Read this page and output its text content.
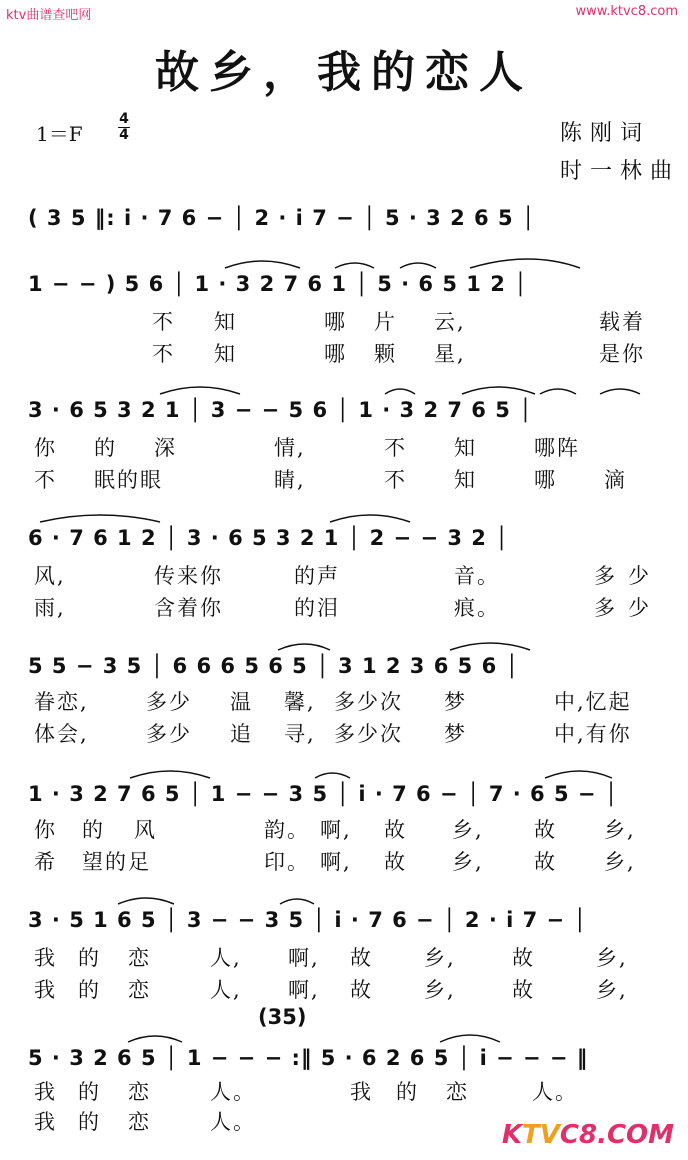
ktv曲谱查吧网	www.ktvc8.com
故乡，我的恋人
1＝F
4
4	陈刚词
时一林曲
( 3 5 ‖: i · 7 6 − │ 2 · i 7 − │ 5 · 3 2 6 5 │
1 − − ) 5 6 │ 1 · 3 2 7 6 1 │ 5 · 6 5 1 2 │
3 · 6 5 3 2 1 │ 3 − − 5 6 │ 1 · 3 2 7 6 5 │
6 · 7 6 1 2 │ 3 · 6 5 3 2 1 │ 2 − − 3 2 │
5 5 − 3 5 │ 6 6 6 5 6 5 │ 3 1 2 3 6 5 6 │
1 · 3 2 7 6 5 │ 1 − − 3 5 │ i · 7 6 − │ 7 · 6 5 − │
3 · 5 1 6 5 │ 3 − − 3 5 │ i · 7 6 − │ 2 · i 7 − │
(35)
5 · 3 2 6 5 │ 1 − − − :‖ 5 · 6 2 6 5 │ i − − − ‖
不 知	哪 片 云,	载着
不 知	哪 颗 星,	是你
你 的 深	情,	不 知	哪阵
不 眠的眼	睛,	不 知	哪 滴
风,	传来你	的声	音。	多 少
雨,	含着你	的泪	痕。	多 少
眷恋,	多少 温 馨, 多少次 梦	中,忆起
体会,	多少 追 寻, 多少次 梦	中,有你
你 的 风	韵。 啊, 故 乡, 故 乡,
希 望的足	印。 啊, 故 乡, 故 乡,
我 的 恋	人, 啊, 故 乡,	故	乡,
我 的 恋	人, 啊, 故 乡,	故	乡,
我 的 恋	人。	我 的 恋	人。
我 的 恋	人。	KTVC8.COM
